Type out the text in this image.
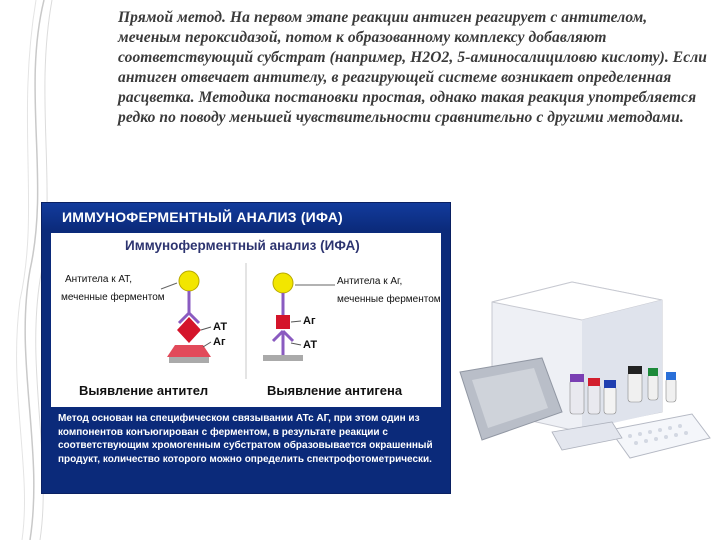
Прямой метод. На первом этапе реакции антиген реагирует с антителом, меченым пероксидазой, потом к образованному комплексу добавляют соответствующий субстрат (например, Н2О2, 5-аминосалициловю кислоту). Если антиген отвечает антителу, в реагирующей системе возникает определенная расцветка. Методика постановки простая, однако такая реакция употребляется редко по поводу меньшей чувствительности сравнительно с другими методами.
ИММУНОФЕРМЕНТНЫЙ АНАЛИЗ (ИФА)
Иммуноферментный анализ (ИФА)
Антитела к АТ,
меченные ферментом
АТ
Аг
Антитела к Аг,
меченные ферментом
Аг
АТ
Выявление антител	Выявление антигена
Метод основан на специфическом связывании АТс АГ, при этом один из компонентов конъюгирован с ферментом, в результате реакции с соответствующим хромогенным субстратом образовывается окрашенный продукт, количество которого можно определить спектрофотометрически.
